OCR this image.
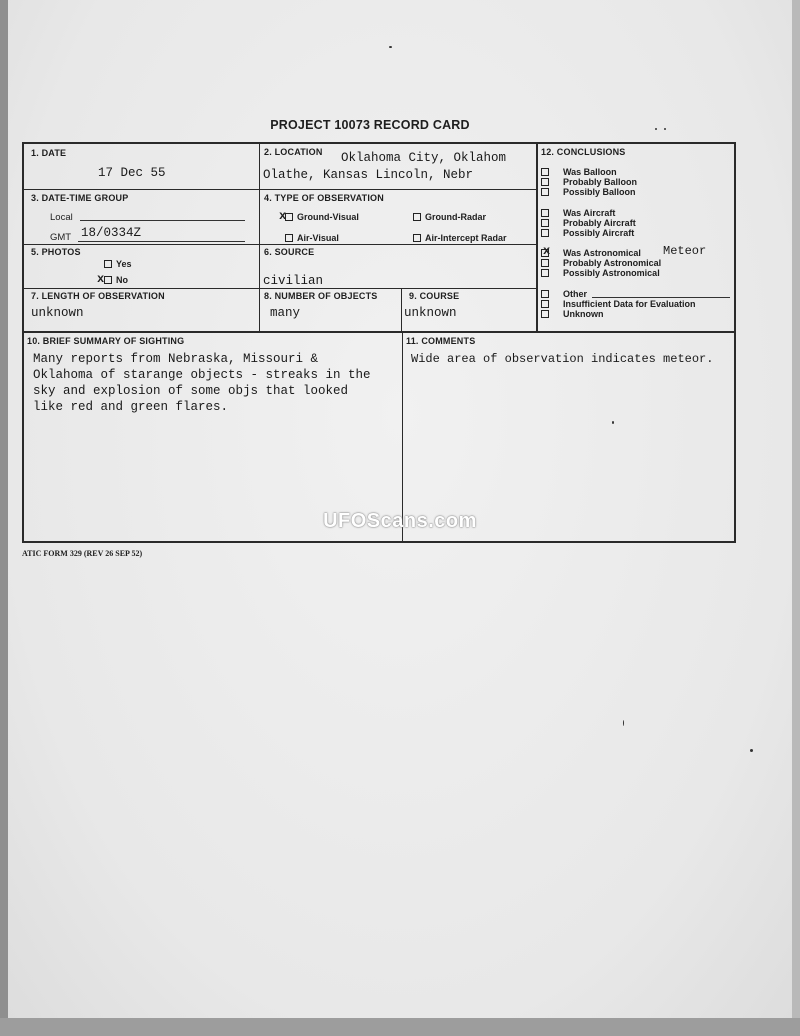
PROJECT 10073 RECORD CARD
1. DATE
17 Dec 55
2. LOCATION Oklahoma City, Oklahom
Olathe, Kansas Lincoln, Nebr
3. DATE-TIME GROUP
Local
GMT 18/0334Z
4. TYPE OF OBSERVATION
x	Ground-Visual	Ground-Radar
Air-Visual	Air-Intercept Radar
5. PHOTOS
Yes
x	No
6. SOURCE
civilian
7. LENGTH OF OBSERVATION
unknown
8. NUMBER OF OBJECTS
many
9. COURSE
unknown
10. BRIEF SUMMARY OF SIGHTING
Many reports from Nebraska, Missouri &
Oklahoma of starange objects - streaks in the
sky and explosion of some objs that looked
like red and green flares.
11. COMMENTS
Wide area of observation indicates meteor.
12. CONCLUSIONS
Was Balloon
Probably Balloon
Possibly Balloon
Was Aircraft
Probably Aircraft
Possibly Aircraft
x	Was Astronomical Meteor
Probably Astronomical
Possibly Astronomical
Other
Insufficient Data for Evaluation
Unknown
UFOScans.com
ATIC FORM 329 (REV 26 SEP 52)
